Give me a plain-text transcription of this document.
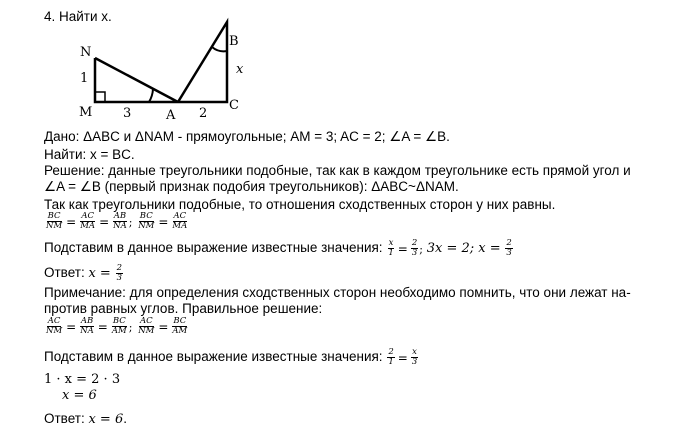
4. Найти x.
N
M	A
B
C
x
1
3	2
Дано: ΔABC и ΔNAM - прямоугольные; AM = 3; AC = 2; ∠A = ∠B.
Найти: x = BC.
Решение: данные треугольники подобные, так как в каждом треугольнике есть прямой угол и
∠A = ∠B (первый признак подобия треугольников): ΔABC~ΔNAM.
Так как треугольники подобные, то отношения сходственных сторон у них равны.
$\frac{BC}{NM} = \frac{AC}{MA} = \frac{AB}{NA}$ ; $\frac{BC}{NM} = \frac{AC}{MA}$
Подставим в данное выражение известные значения: $\frac{x}{1} = \frac{2}{3}$ ; 3x = 2; $x = \frac{2}{3}$
Ответ: $x = \frac{2}{3}$
Примечание: для определения сходственных сторон необходимо помнить, что они лежат на-
против равных углов. Правильное решение:
$\frac{AC}{NM} = \frac{AB}{NA} = \frac{BC}{AM}$ ; $\frac{AC}{NM} = \frac{BC}{AM}$
Подставим в данное выражение известные значения: $\frac{2}{1} = \frac{x}{3}$
1 · x = 2 · 3
x = 6
Ответ: x = 6.
